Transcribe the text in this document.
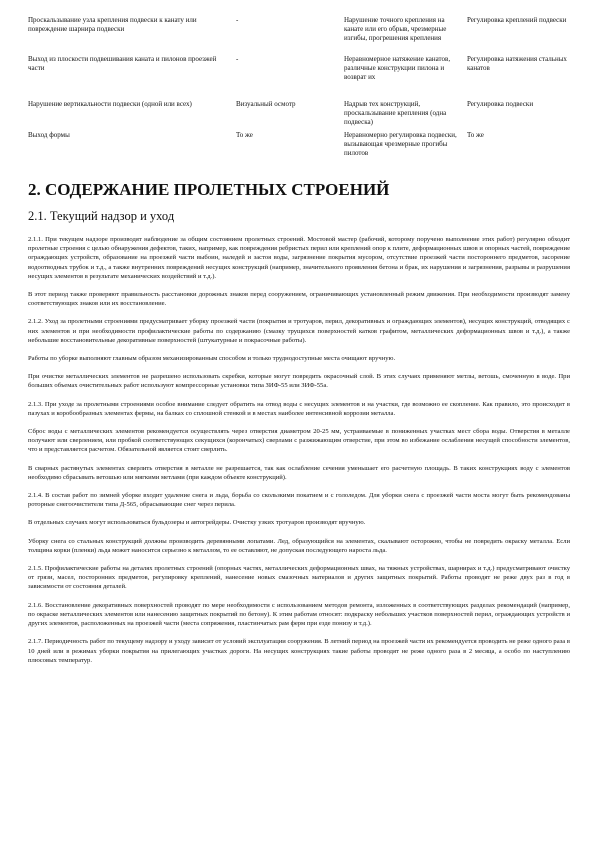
Проскальзывание узла крепления подвески к канату или повреждение шарнира подвески	-	Нарушение точного крепления на канате или его обрыв, чрезмерные изгибы, прогрешения крепления	Регулировка креплений подвески
Выход из плоскости подвешивания каната и пилонов проезжей части	-	Неравномерное натяжение канатов, различные конструкции пилона и возврат их	Регулировка натяжения стальных канатов
Нарушение вертикальности подвески (одной или всех)	Визуальный осмотр	Надрыв тех конструкций, проскальзывание крепления (одна подвеска)	Регулировка подвески
Выход формы	То же	Неравномерно регулировка подвески, вызывающая чрезмерные прогибы пилотов	То же
2. СОДЕРЖАНИЕ ПРОЛЕТНЫХ СТРОЕНИЙ
2.1. Текущий надзор и уход

2.1.1. При текущем надзоре производят наблюдение за общим состоянием пролетных строений. Мостовой мастер (рабочий, которому поручено выполнение этих работ) регулярно обходит пролетные строения с целью обнаружения дефектов, таких, например, как повреждения ребристых перил или креплений опор к плите, деформационных швов и опорных частей, повреждение ограждающих устройств, образование на проезжей части выбоин, наледей и застоя воды, загрязнение покрытия мусором, отсутствие проезжей части постороннего предметов, засорение водоотводных трубок и т.д., а также внутренних повреждений несущих конструкций (например, значительного проявления бетона и брак, их нарушения и загрязнения, разрывы и разрушения несущих элементов в результате механических воздействий и т.д.).

В этот период также проверяют правильность расстановки дорожных знаков перед сооружением, ограничивающих установленный режим движения. При необходимости производят замену соответствующих знаков или их восстановление.

2.1.2. Уход за пролетными строениями предусматривает уборку проезжей части (покрытия и тротуаров, перил, декоративных и ограждающих элементов), несущих конструкций, отводящих с них элементов и при необходимости профилактические работы по содержанию (смазку трущихся поверхностей катков графитом, металлических деформационных швов и т.д.), а также небольшие восстановительные декоративные поверхностей (штукатурные и покрасочные работы).

Работы по уборке выполняют главным образом механизированным способом и только труднодоступные места очищают вручную.

При очистке металлических элементов не разрешено использовать скребки, которые могут повредить окрасочный слой. В этих случаях применяют метлы, ветошь, смоченную в воде. При больших объемах очистительных работ используют компрессорные установки типа ЗИФ-55 или ЗИФ-55а.

2.1.3. При уходе за пролетными строениями особое внимание следует обратить на отвод воды с несущих элементов и на участки, где возможно ее скопление. Как правило, это происходит в пазухах и коробообразных элементах фермы, на балках со сплошной стенкой и в местах наиболее интенсивной коррозии металла.

Сброс воды с металлических элементов рекомендуется осуществлять через отверстия диаметром 20-25 мм, устраиваемые в пониженных участках мест сбора воды. Отверстия в металле получают или сверлением, или пробкой соответствующих секущихся (корончатых) сверлами с разжижающим отверстие, при этом во избежание ослабления несущей способности элементов, что и представляется расчетом. Обязательной является стоит сверлить.

В сварных растянутых элементах сверлить отверстия в металле не разрешается, так как ослабление сечения уменьшает его расчетную площадь. В таких конструкциях воду с элементов необходимо сбрасывать ветошью или мягкими метлами (при каждом объекте конструкций).

2.1.4. В состав работ по зимней уборке входит удаление снега и льда, борьба со скользкими покатием и с гололедом. Для уборки снега с проезжей части моста могут быть рекомендованы роторные снегоочистители типа Д-565, обрасывающие снег через перила.

В отдельных случаях могут использоваться бульдозеры и автогрейдеры. Очистку узких тротуаров производят вручную.

Уборку снега со стальных конструкций должны производить деревянными лопатами. Лед, образующийся на элементах, скалывают осторожно, чтобы не повредить окраску металла. Если толщина корки (пленки) льда может наносится серьезно к металлом, то ее оставляют, не допуская последующего нароста льда.

2.1.5. Профилактические работы на деталях пролетных строений (опорных частях, металлических деформационных швах, на тяжных устройствах, шарнирах и т.д.) предусматривают очистку от грязи, масел, посторонних предметов, регулировку креплений, нанесение новых смазочных материалов и других защитных покрытий. Работы проводят не реже двух раз в год в зависимости от состояния деталей.

2.1.6. Восстановление декоративных поверхностей проводят по мере необходимости с использованием методов ремонта, изложенных в соответствующих разделах рекомендаций (например, по окраске металлических элементов или нанесению защитных покрытий по бетону). К этим работам относят: подкраску небольших участков поверхностей перил, ограждающих устройств и других элементов, расположенных на проезжей части (места сопряжения, пластинчатых рам ферм при езде понизу и т.д.).

2.1.7. Периодичность работ по текущему надзору и уходу зависит от условий эксплуатации сооружения. В летний период на проезжей части их рекомендуется проводить не реже одного раза в 10 дней или в режимах уборки покрытия на прилегающих участках дороги. На несущих конструкциях такие работы проводят не реже одного раза в 2 месяца, а особо по наступлению плюсовых температур.
